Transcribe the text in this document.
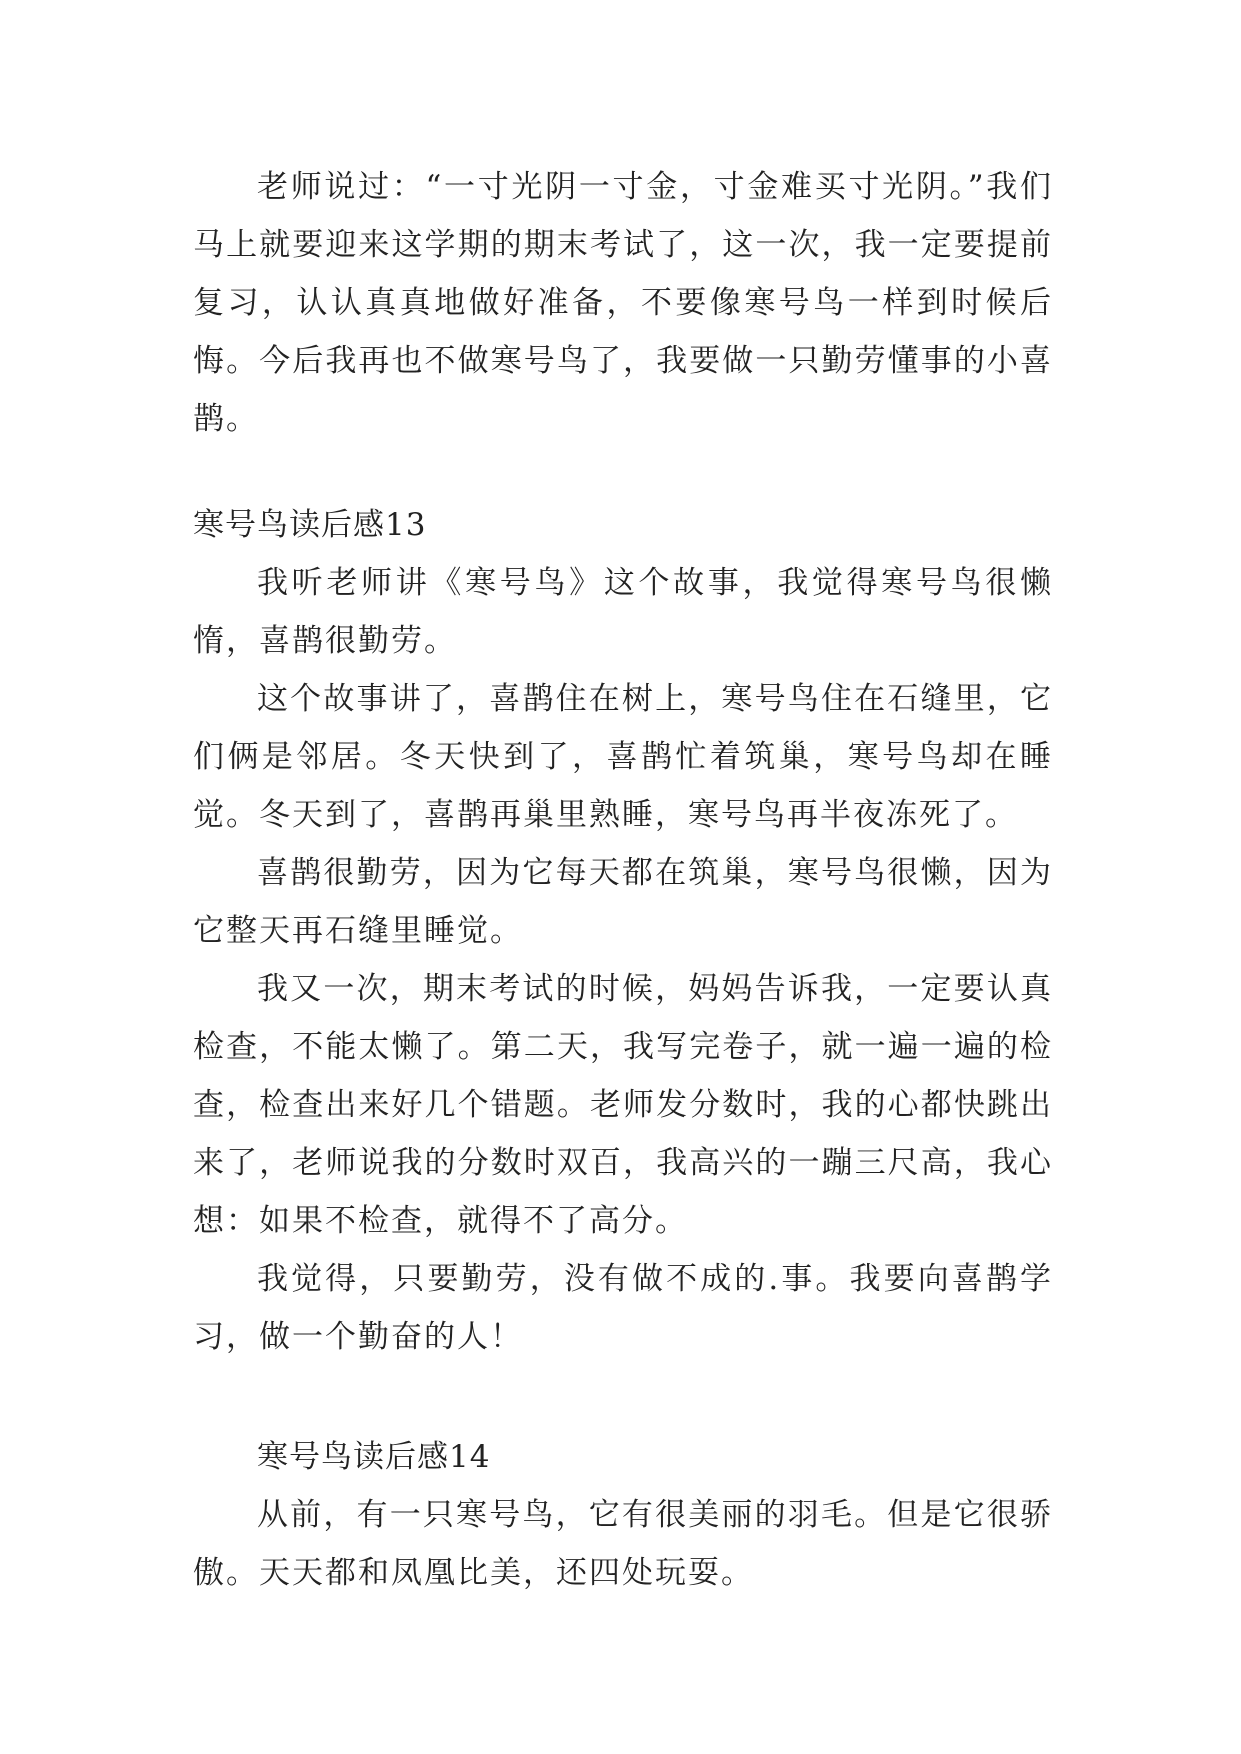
老师说过：“一寸光阴一寸金，寸金难买寸光阴。”我们马上就要迎来这学期的期末考试了，这一次，我一定要提前复习，认认真真地做好准备，不要像寒号鸟一样到时候后悔。今后我再也不做寒号鸟了，我要做一只勤劳懂事的小喜鹊。

寒号鸟读后感13

我听老师讲《寒号鸟》这个故事，我觉得寒号鸟很懒惰，喜鹊很勤劳。

这个故事讲了，喜鹊住在树上，寒号鸟住在石缝里，它们俩是邻居。冬天快到了，喜鹊忙着筑巢，寒号鸟却在睡觉。冬天到了，喜鹊再巢里熟睡，寒号鸟再半夜冻死了。

喜鹊很勤劳，因为它每天都在筑巢，寒号鸟很懒，因为它整天再石缝里睡觉。

我又一次，期末考试的时候，妈妈告诉我，一定要认真检查，不能太懒了。第二天，我写完卷子，就一遍一遍的检查，检查出来好几个错题。老师发分数时，我的心都快跳出来了，老师说我的分数时双百，我高兴的一蹦三尺高，我心想：如果不检查，就得不了高分。

我觉得，只要勤劳，没有做不成的.事。我要向喜鹊学习，做一个勤奋的人！

寒号鸟读后感14

从前，有一只寒号鸟，它有很美丽的羽毛。但是它很骄傲。天天都和凤凰比美，还四处玩耍。
